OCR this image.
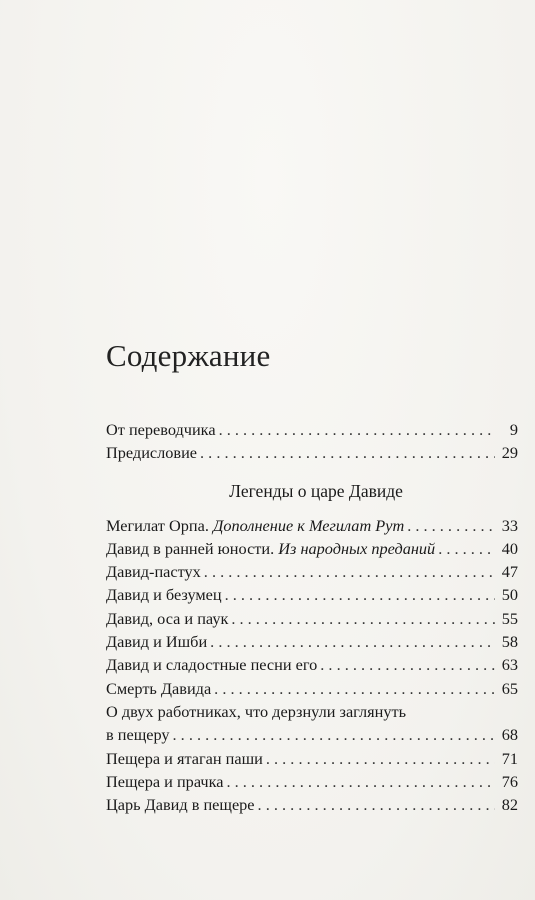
Содержание
От переводчика . . .	9
Предисловие . . .	29
Легенды о царе Давиде
Мегилат Орпа. Дополнение к Мегилат Рут . . .	33
Давид в ранней юности. Из народных преданий . . .	40
Давид-пастух . . .	47
Давид и безумец . . .	50
Давид, оса и паук . . .	55
Давид и Ишби . . .	58
Давид и сладостные песни его . . .	63
Смерть Давида . . .	65
О двух работниках, что дерзнули заглянуть
в пещеру . . .	68
Пещера и ятаган паши . . .	71
Пещера и прачка . . .	76
Царь Давид в пещере . . .	82
